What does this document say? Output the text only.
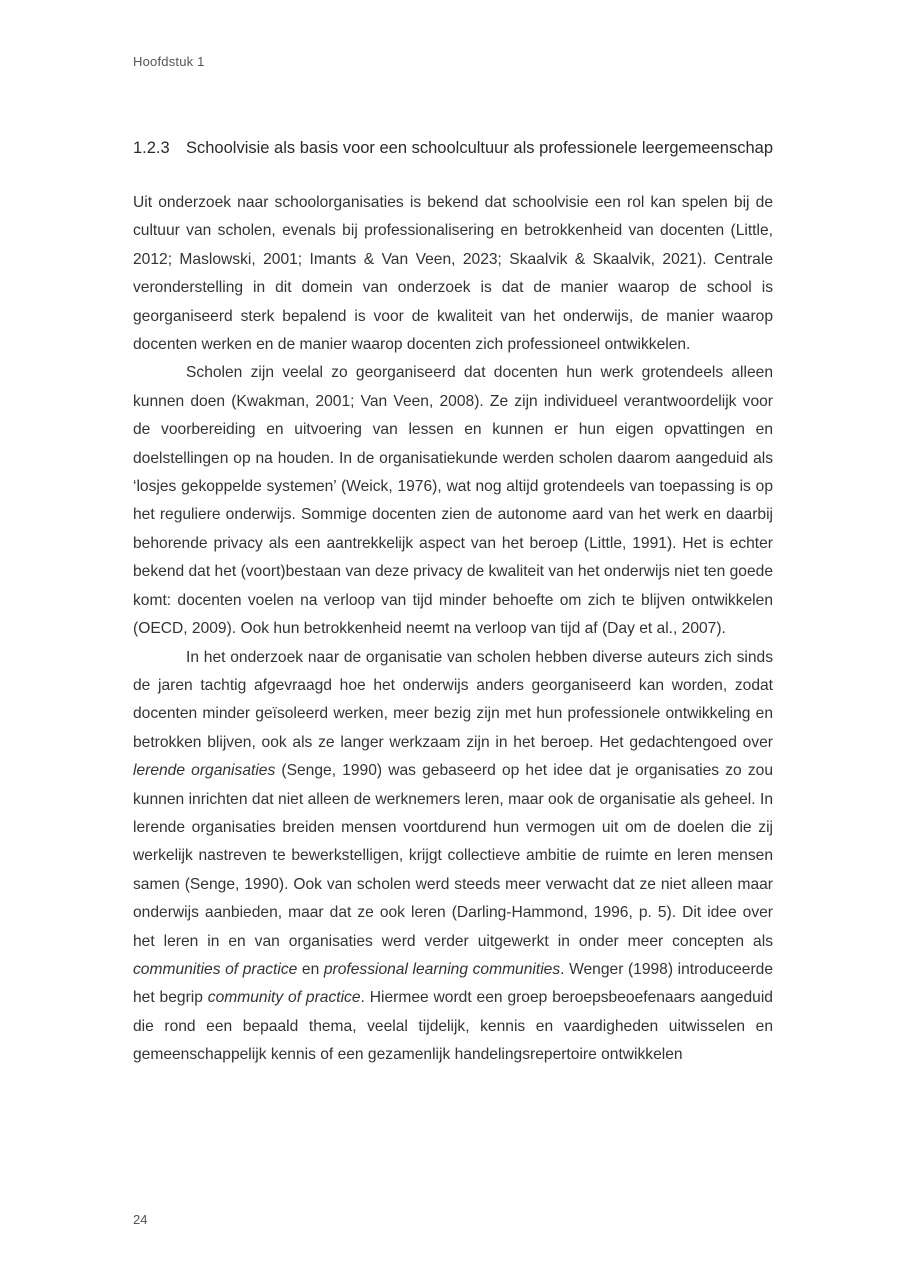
Hoofdstuk 1
1.2.3 Schoolvisie als basis voor een schoolcultuur als professionele leergemeenschap

Uit onderzoek naar schoolorganisaties is bekend dat schoolvisie een rol kan spelen bij de cultuur van scholen, evenals bij professionalisering en betrokkenheid van docenten (Little, 2012; Maslowski, 2001; Imants & Van Veen, 2023; Skaalvik & Skaalvik, 2021). Centrale veronderstelling in dit domein van onderzoek is dat de manier waarop de school is georganiseerd sterk bepalend is voor de kwaliteit van het onderwijs, de manier waarop docenten werken en de manier waarop docenten zich professioneel ontwikkelen.

Scholen zijn veelal zo georganiseerd dat docenten hun werk grotendeels alleen kunnen doen (Kwakman, 2001; Van Veen, 2008). Ze zijn individueel verantwoordelijk voor de voorbereiding en uitvoering van lessen en kunnen er hun eigen opvattingen en doelstellingen op na houden. In de organisatiekunde werden scholen daarom aangeduid als ‘losjes gekoppelde systemen’ (Weick, 1976), wat nog altijd grotendeels van toepassing is op het reguliere onderwijs. Sommige docenten zien de autonome aard van het werk en daarbij behorende privacy als een aantrekkelijk aspect van het beroep (Little, 1991). Het is echter bekend dat het (voort)bestaan van deze privacy de kwaliteit van het onderwijs niet ten goede komt: docenten voelen na verloop van tijd minder behoefte om zich te blijven ontwikkelen (OECD, 2009). Ook hun betrokkenheid neemt na verloop van tijd af (Day et al., 2007).

In het onderzoek naar de organisatie van scholen hebben diverse auteurs zich sinds de jaren tachtig afgevraagd hoe het onderwijs anders georganiseerd kan worden, zodat docenten minder geïsoleerd werken, meer bezig zijn met hun professionele ontwikkeling en betrokken blijven, ook als ze langer werkzaam zijn in het beroep. Het gedachtengoed over lerende organisaties (Senge, 1990) was gebaseerd op het idee dat je organisaties zo zou kunnen inrichten dat niet alleen de werknemers leren, maar ook de organisatie als geheel. In lerende organisaties breiden mensen voortdurend hun vermogen uit om de doelen die zij werkelijk nastreven te bewerkstelligen, krijgt collectieve ambitie de ruimte en leren mensen samen (Senge, 1990). Ook van scholen werd steeds meer verwacht dat ze niet alleen maar onderwijs aanbieden, maar dat ze ook leren (Darling-Hammond, 1996, p. 5). Dit idee over het leren in en van organisaties werd verder uitgewerkt in onder meer concepten als communities of practice en professional learning communities. Wenger (1998) introduceerde het begrip community of practice. Hiermee wordt een groep beroepsbeoefenaars aangeduid die rond een bepaald thema, veelal tijdelijk, kennis en vaardigheden uitwisselen en gemeenschappelijk kennis of een gezamenlijk handelingsrepertoire ontwikkelen

24
